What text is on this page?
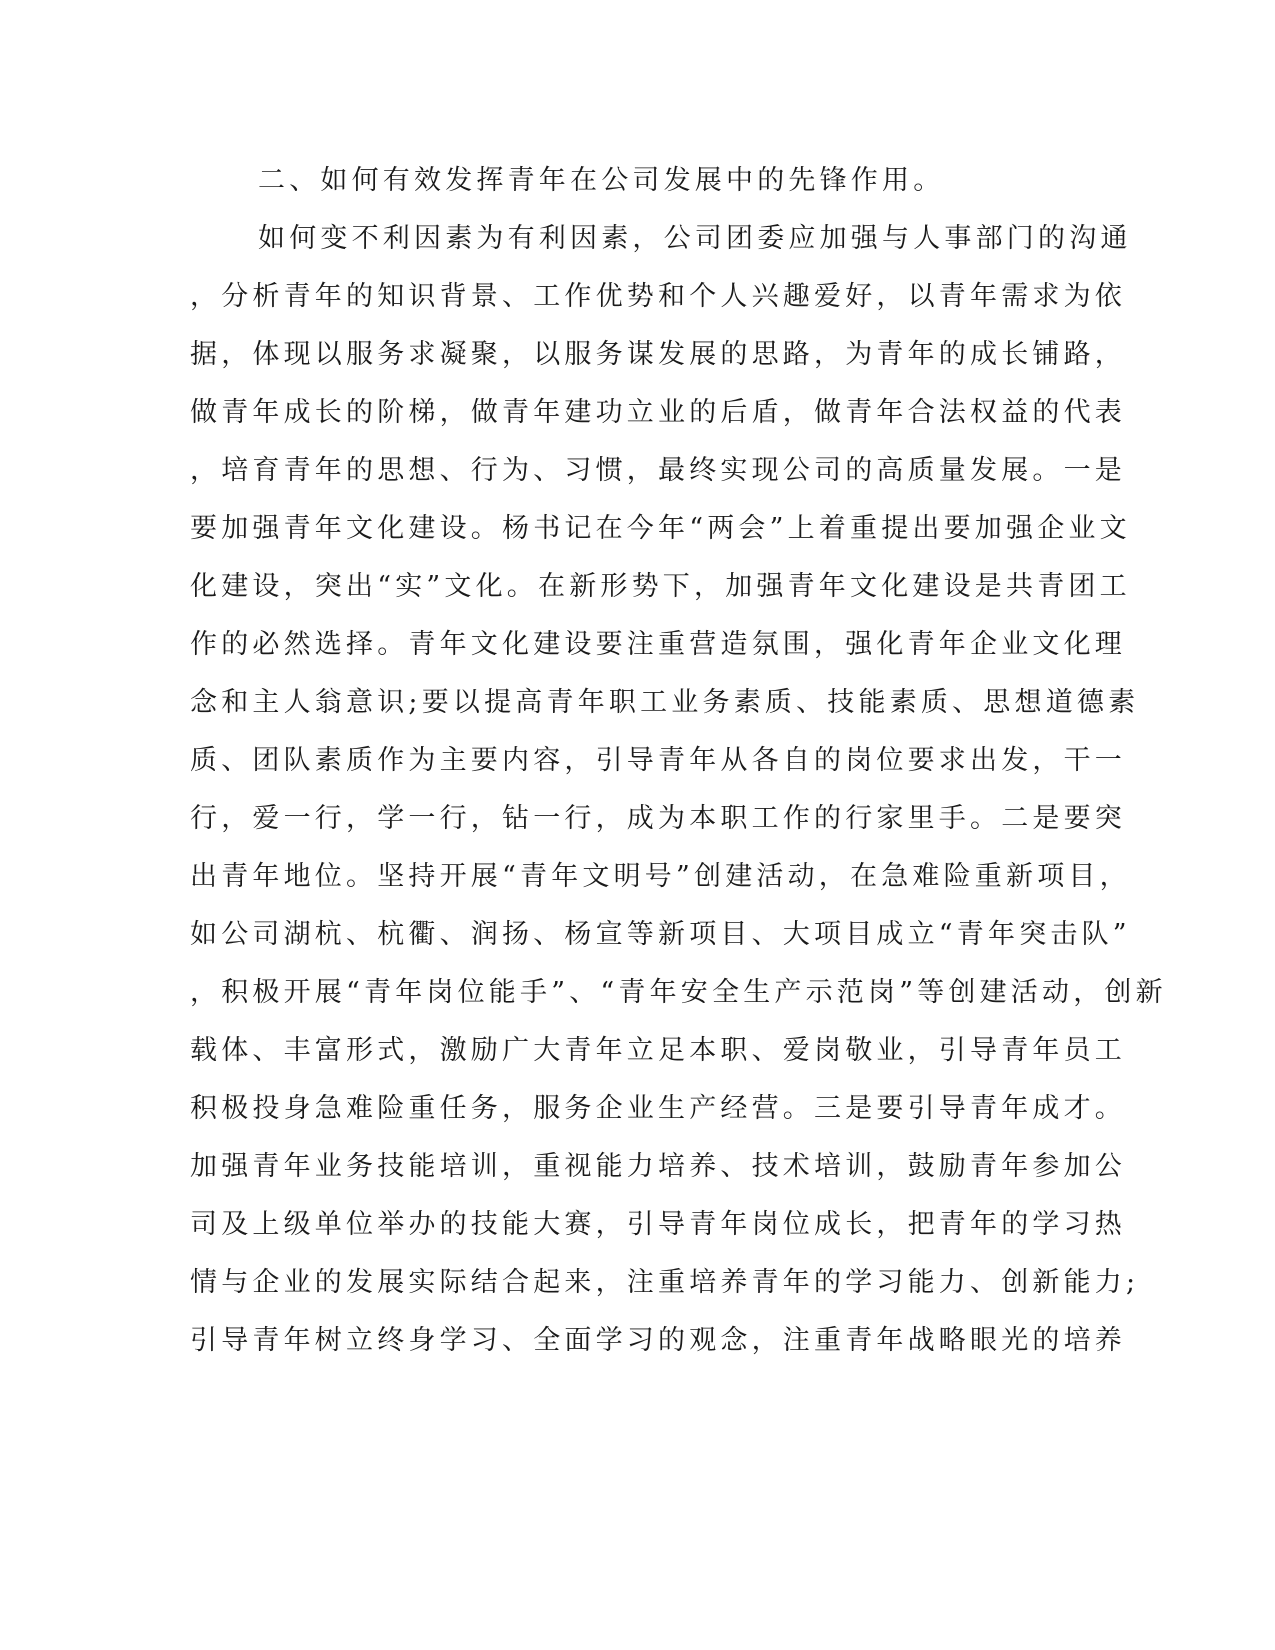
二、如何有效发挥青年在公司发展中的先锋作用。
如何变不利因素为有利因素，公司团委应加强与人事部门的沟通
，分析青年的知识背景、工作优势和个人兴趣爱好，以青年需求为依
据，体现以服务求凝聚，以服务谋发展的思路，为青年的成长铺路，
做青年成长的阶梯，做青年建功立业的后盾，做青年合法权益的代表
，培育青年的思想、行为、习惯，最终实现公司的高质量发展。一是
要加强青年文化建设。杨书记在今年“两会”上着重提出要加强企业文
化建设，突出“实”文化。在新形势下，加强青年文化建设是共青团工
作的必然选择。青年文化建设要注重营造氛围，强化青年企业文化理
念和主人翁意识;要以提高青年职工业务素质、技能素质、思想道德素
质、团队素质作为主要内容，引导青年从各自的岗位要求出发，干一
行，爱一行，学一行，钻一行，成为本职工作的行家里手。二是要突
出青年地位。坚持开展“青年文明号”创建活动，在急难险重新项目，
如公司湖杭、杭衢、润扬、杨宣等新项目、大项目成立“青年突击队”
，积极开展“青年岗位能手”、“青年安全生产示范岗”等创建活动，创新
载体、丰富形式，激励广大青年立足本职、爱岗敬业，引导青年员工
积极投身急难险重任务，服务企业生产经营。三是要引导青年成才。
加强青年业务技能培训，重视能力培养、技术培训，鼓励青年参加公
司及上级单位举办的技能大赛，引导青年岗位成长，把青年的学习热
情与企业的发展实际结合起来，注重培养青年的学习能力、创新能力;
引导青年树立终身学习、全面学习的观念，注重青年战略眼光的培养
